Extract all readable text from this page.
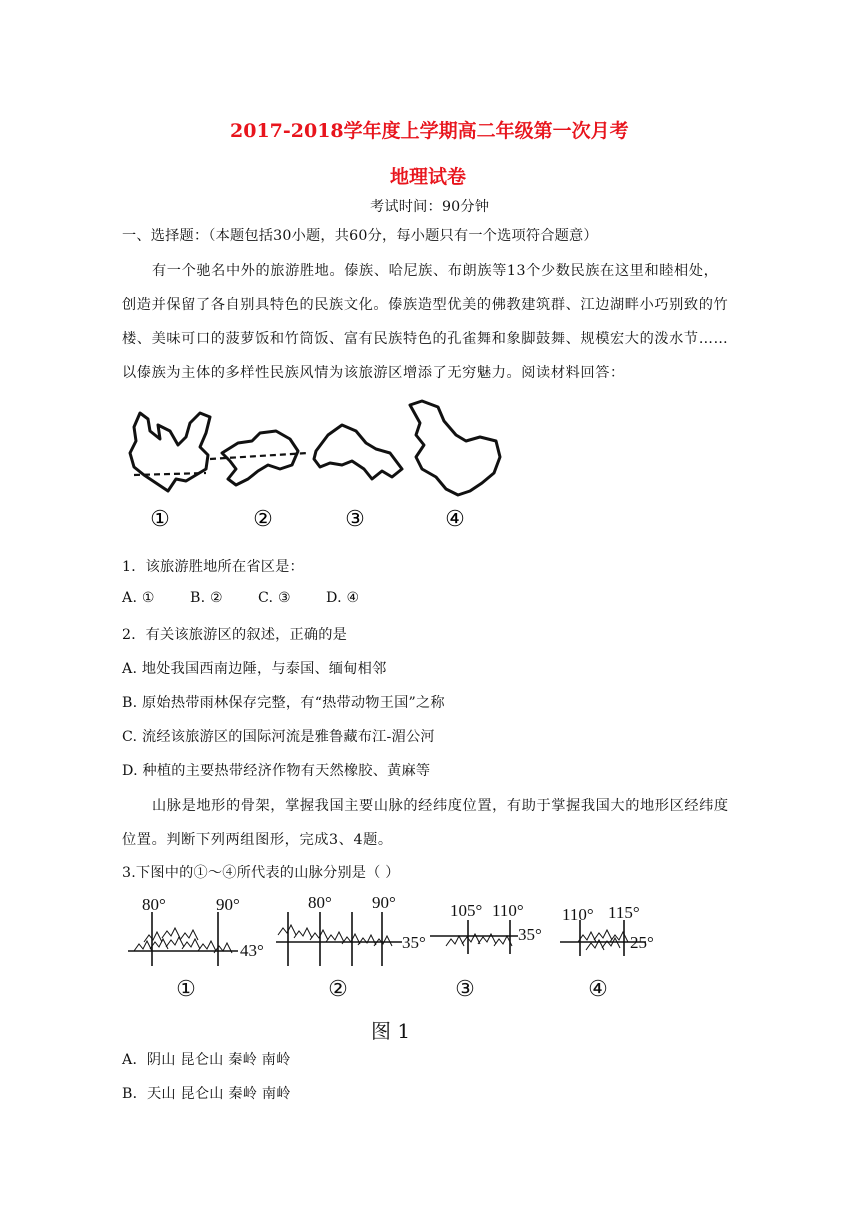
2017-2018学年度上学期高二年级第一次月考
地理试卷
考试时间：90分钟
一、选择题：（本题包括30小题，共60分，每小题只有一个选项符合题意）
有一个驰名中外的旅游胜地。傣族、哈尼族、布朗族等13个少数民族在这里和睦相处，
创造并保留了各自别具特色的民族文化。傣族造型优美的佛教建筑群、江边湖畔小巧别致的竹
楼、美味可口的菠萝饭和竹筒饭、富有民族特色的孔雀舞和象脚鼓舞、规模宏大的泼水节……
以傣族为主体的多样性民族风情为该旅游区增添了无穷魅力。阅读材料回答：
①	②	③	④
1．该旅游胜地所在省区是：
A. ① B. ② C. ③ D. ④
2．有关该旅游区的叙述，正确的是
A. 地处我国西南边陲，与泰国、缅甸相邻
B. 原始热带雨林保存完整，有“热带动物王国”之称
C. 流经该旅游区的国际河流是雅鲁藏布江-湄公河
D. 种植的主要热带经济作物有天然橡胶、黄麻等
山脉是地形的骨架，掌握我国主要山脉的经纬度位置，有助于掌握我国大的地形区经纬度
位置。判断下列两组图形，完成3、4题。
3.下图中的①～④所代表的山脉分别是（ ）
80°	90°
43°
80° 90°
35°
105° 110°
35°
110° 115°
25°
①	②	③	④
图 1
A．阴山 昆仑山 秦岭 南岭
B．天山 昆仑山 秦岭 南岭
